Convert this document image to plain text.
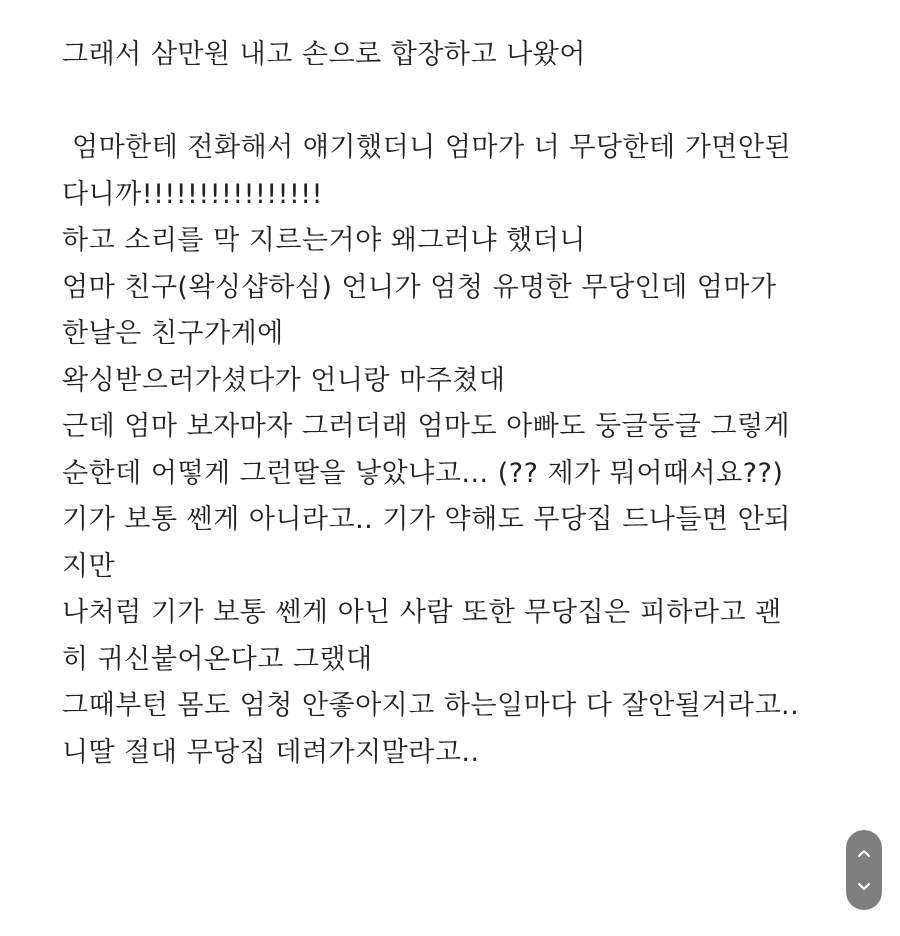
그래서 삼만원 내고 손으로 합장하고 나왔어
엄마한테 전화해서 얘기했더니 엄마가 너 무당한테 가면안된
다니까!!!!!!!!!!!!!!!!
하고 소리를 막 지르는거야 왜그러냐 했더니
엄마 친구(왁싱샵하심) 언니가 엄청 유명한 무당인데 엄마가
한날은 친구가게에
왁싱받으러가셨다가 언니랑 마주쳤대
근데 엄마 보자마자 그러더래 엄마도 아빠도 둥글둥글 그렇게
순한데 어떻게 그런딸을 낳았냐고... (?? 제가 뭐어때서요??)
기가 보통 쎈게 아니라고.. 기가 약해도 무당집 드나들면 안되
지만
나처럼 기가 보통 쎈게 아닌 사람 또한 무당집은 피하라고 괜
히 귀신붙어온다고 그랬대
그때부턴 몸도 엄청 안좋아지고 하는일마다 다 잘안될거라고..
니딸 절대 무당집 데려가지말라고..
